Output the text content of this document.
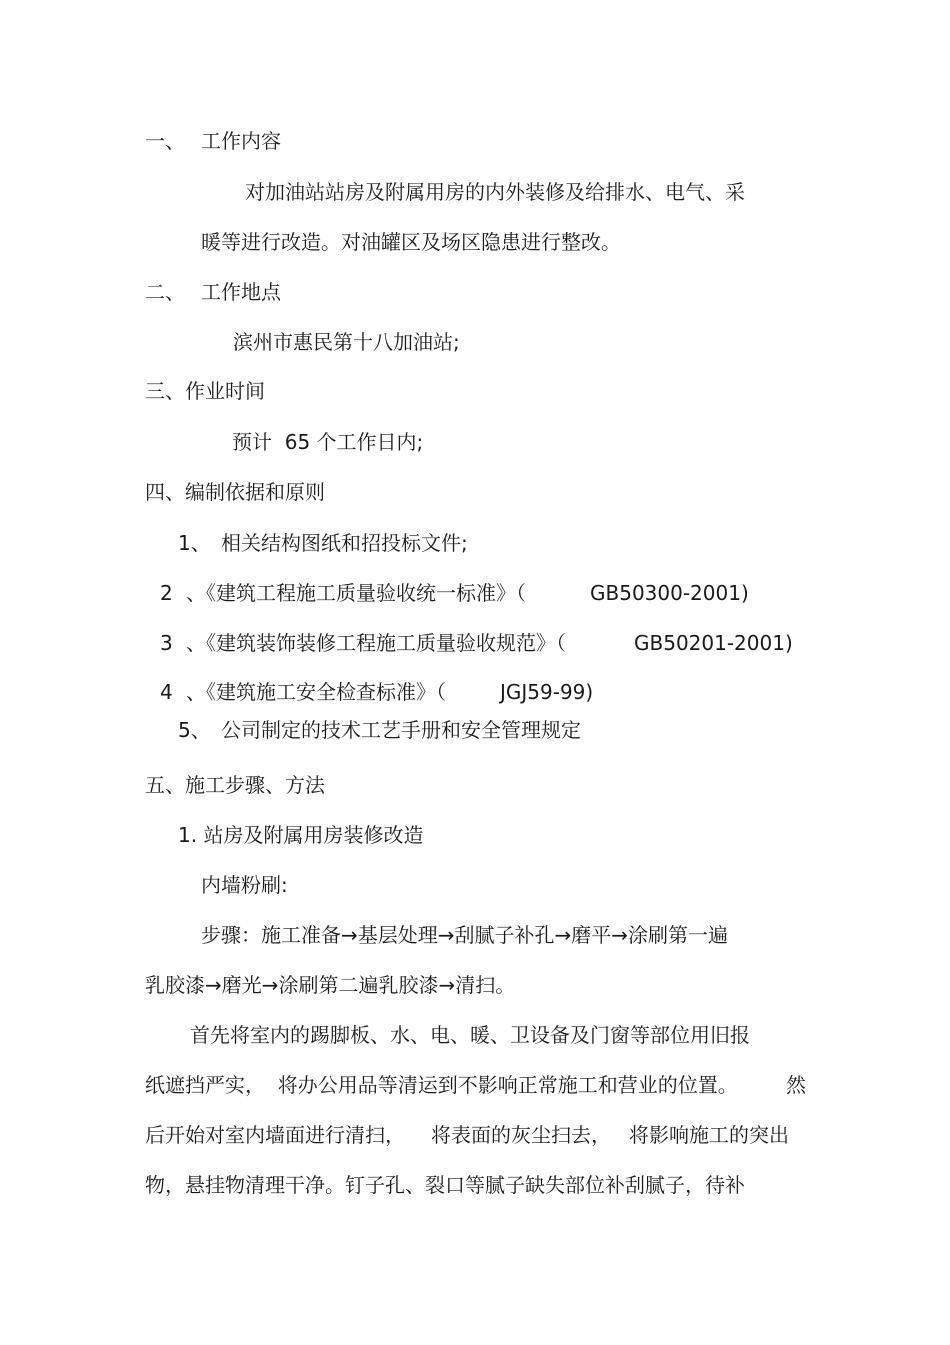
一、 工作内容
对加油站站房及附属用房的内外装修及给排水、电气、采
暖等进行改造。对油罐区及场区隐患进行整改。
二、 工作地点
滨州市惠民第十八加油站;
三、作业时间
预计  65 个工作日内;
四、编制依据和原则
1、 相关结构图纸和招投标文件;
2 、《建筑工程施工质量验收统一标准》（	GB50300-2001)
3 、《建筑装饰装修工程施工质量验收规范》（	GB50201-2001)
4 、《建筑施工安全检查标准》（	JGJ59-99)
5、 公司制定的技术工艺手册和安全管理规定
五、施工步骤、方法
1. 站房及附属用房装修改造
内墙粉刷:
步骤：施工准备→基层处理→刮腻子补孔→磨平→涂刷第一遍
乳胶漆→磨光→涂刷第二遍乳胶漆→清扫。
首先将室内的踢脚板、水、电、暖、卫设备及门窗等部位用旧报
纸遮挡严实，  将办公用品等清运到不影响正常施工和营业的位置。 然
后开始对室内墙面进行清扫， 将表面的灰尘扫去， 将影响施工的突出
物，悬挂物清理干净。钉子孔、裂口等腻子缺失部位补刮腻子，待补
